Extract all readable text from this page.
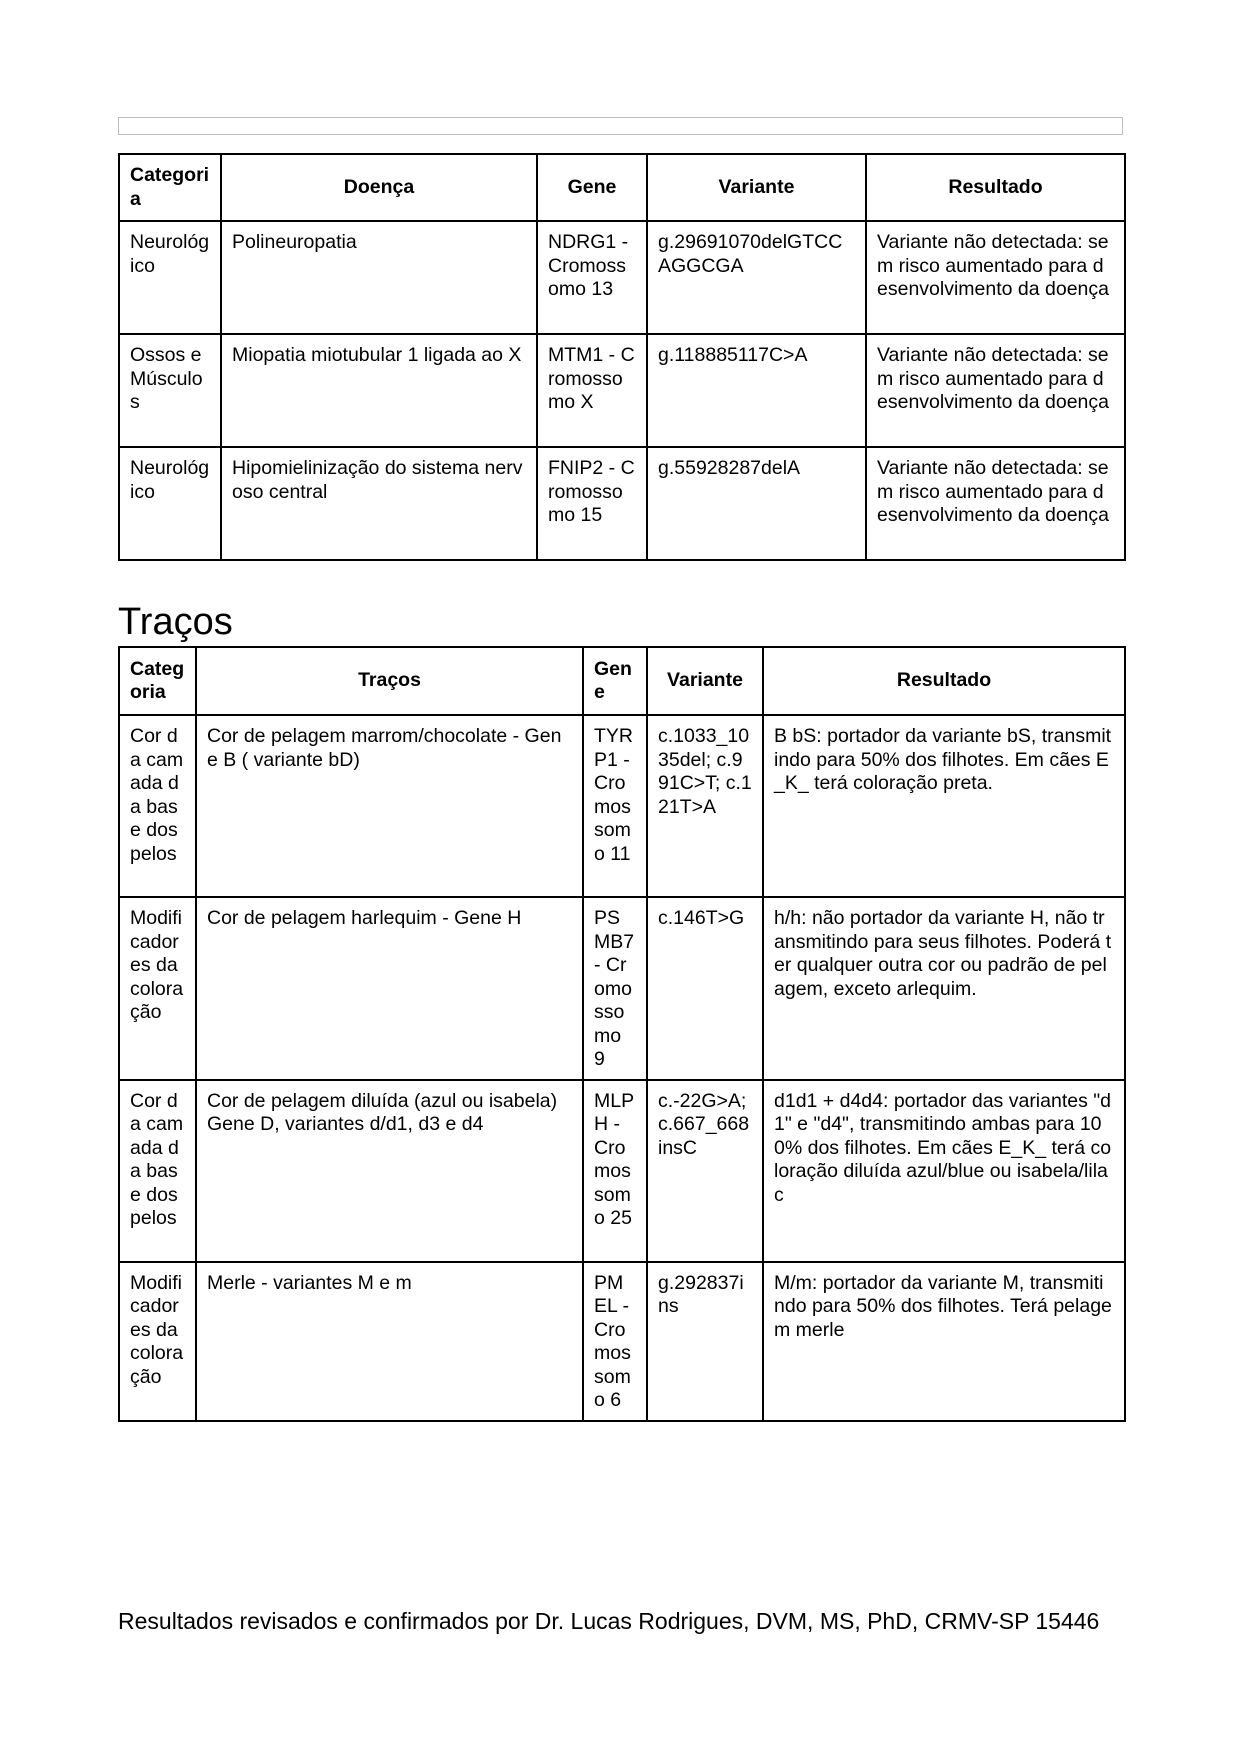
Categoria	Doença	Gene	Variante	Resultado
Neurológico	Polineuropatia	NDRG1 - Cromossomo 13	g.29691070delGTCCAGGCGA	Variante não detectada: sem risco aumentado para desenvolvimento da doença
Ossos e Músculos	Miopatia miotubular 1 ligada ao X	MTM1 - Cromossomo X	g.118885117C>A	Variante não detectada: sem risco aumentado para desenvolvimento da doença
Neurológico	Hipomielinização do sistema nervoso central	FNIP2 - Cromossomo 15	g.55928287delA	Variante não detectada: sem risco aumentado para desenvolvimento da doença
Traços
Categoria	Traços	Gene	Variante	Resultado
Cor da camada da base dos pelos	Cor de pelagem marrom/chocolate - Gene B ( variante bD)	TYRP1 - Cromossomo 11	c.1033_1035del; c.991C>T; c.121T>A	B bS: portador da variante bS, transmitindo para 50% dos filhotes. Em cães E_K_ terá coloração preta.
Modificadores da coloração	Cor de pelagem harlequim - Gene H	PSMB7 - Cromossomo 9	c.146T>G	h/h: não portador da variante H, não transmitindo para seus filhotes. Poderá ter qualquer outra cor ou padrão de pelagem, exceto arlequim.
Cor da camada da base dos pelos	Cor de pelagem diluída (azul ou isabela) Gene D, variantes d/d1, d3 e d4	MLPH - Cromossomo 25	c.-22G>A; c.667_668insC	d1d1 + d4d4: portador das variantes "d1" e "d4", transmitindo ambas para 100% dos filhotes. Em cães E_K_ terá coloração diluída azul/blue ou isabela/lilac
Modificadores da coloração	Merle - variantes M e m	PMEL - Cromossomo 6	g.292837ins	M/m: portador da variante M, transmitindo para 50% dos filhotes. Terá pelagem merle
Resultados revisados e confirmados por Dr. Lucas Rodrigues, DVM, MS, PhD, CRMV-SP 15446
